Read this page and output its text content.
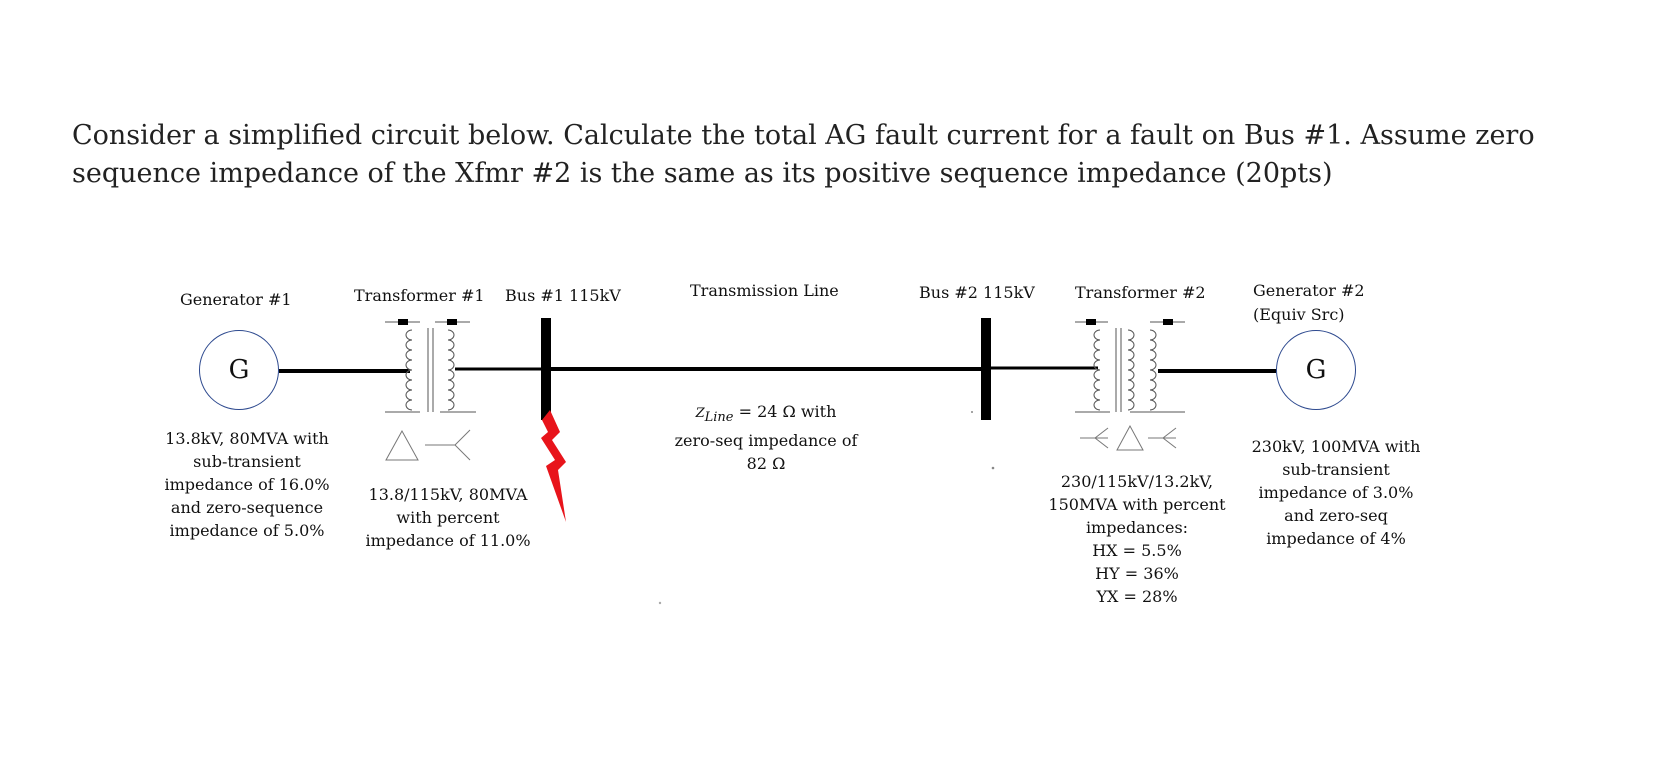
Consider a simplified circuit below. Calculate the total AG fault current for a fault on Bus #1. Assume zero sequence impedance of the Xfmr #2 is the same as its positive sequence impedance (20pts)
G	G
Generator #1	Transformer #1 Bus #1 115kV	Transmission Line	Bus #2 115kV	Transformer #2	Generator #2
(Equiv Src)
13.8kV, 80MVA with
sub-transient
impedance of 16.0%
and zero-sequence
impedance of 5.0%
13.8/115kV, 80MVA
with percent
impedance of 11.0%
$Z_{Line} = 24$ Ω with
zero-seq impedance of
82 Ω
230/115kV/13.2kV,
150MVA with percent
impedances:
HX = 5.5%
HY = 36%
YX = 28%
230kV, 100MVA with
sub-transient
impedance of 3.0%
and zero-seq
impedance of 4%
